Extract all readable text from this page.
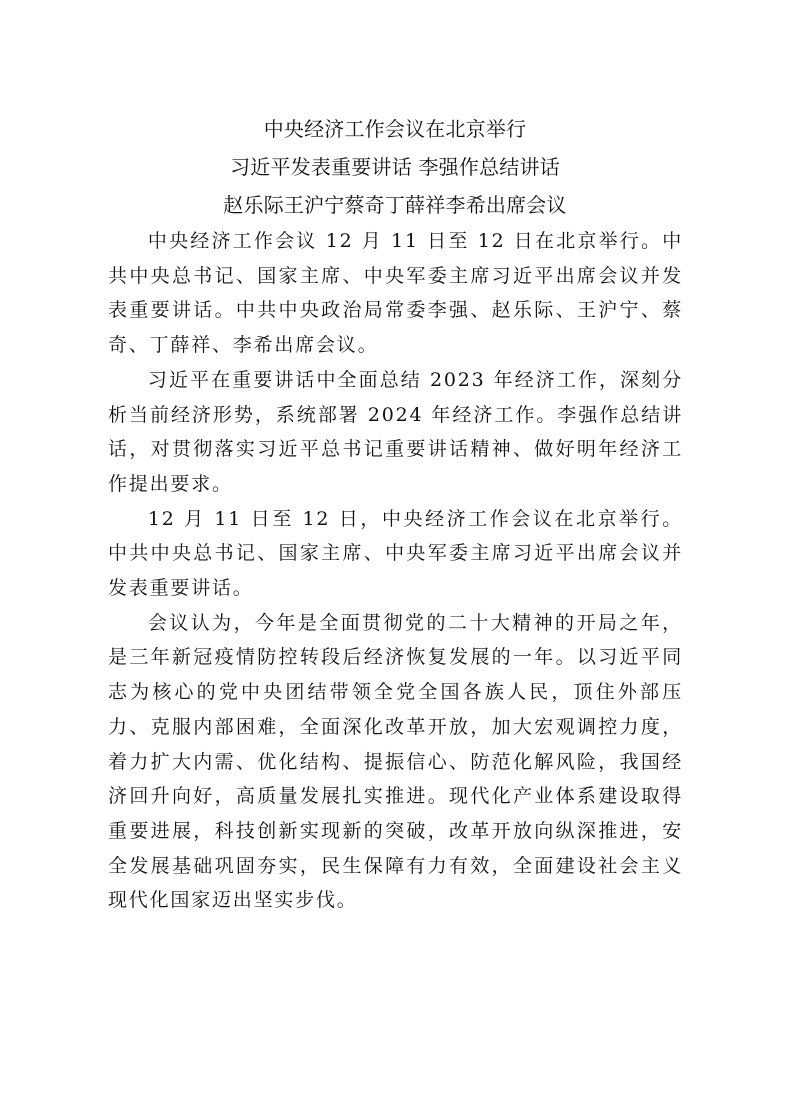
中央经济工作会议在北京举行
习近平发表重要讲话 李强作总结讲话
赵乐际王沪宁蔡奇丁薛祥李希出席会议

中央经济工作会议 12 月 11 日至 12 日在北京举行。中共中央总书记、国家主席、中央军委主席习近平出席会议并发表重要讲话。中共中央政治局常委李强、赵乐际、王沪宁、蔡奇、丁薛祥、李希出席会议。

习近平在重要讲话中全面总结 2023 年经济工作，深刻分析当前经济形势，系统部署 2024 年经济工作。李强作总结讲话，对贯彻落实习近平总书记重要讲话精神、做好明年经济工作提出要求。

12 月 11 日至 12 日，中央经济工作会议在北京举行。中共中央总书记、国家主席、中央军委主席习近平出席会议并发表重要讲话。

会议认为，今年是全面贯彻党的二十大精神的开局之年，是三年新冠疫情防控转段后经济恢复发展的一年。以习近平同志为核心的党中央团结带领全党全国各族人民，顶住外部压力、克服内部困难，全面深化改革开放，加大宏观调控力度，着力扩大内需、优化结构、提振信心、防范化解风险，我国经济回升向好，高质量发展扎实推进。现代化产业体系建设取得重要进展，科技创新实现新的突破，改革开放向纵深推进，安全发展基础巩固夯实，民生保障有力有效，全面建设社会主义现代化国家迈出坚实步伐。
